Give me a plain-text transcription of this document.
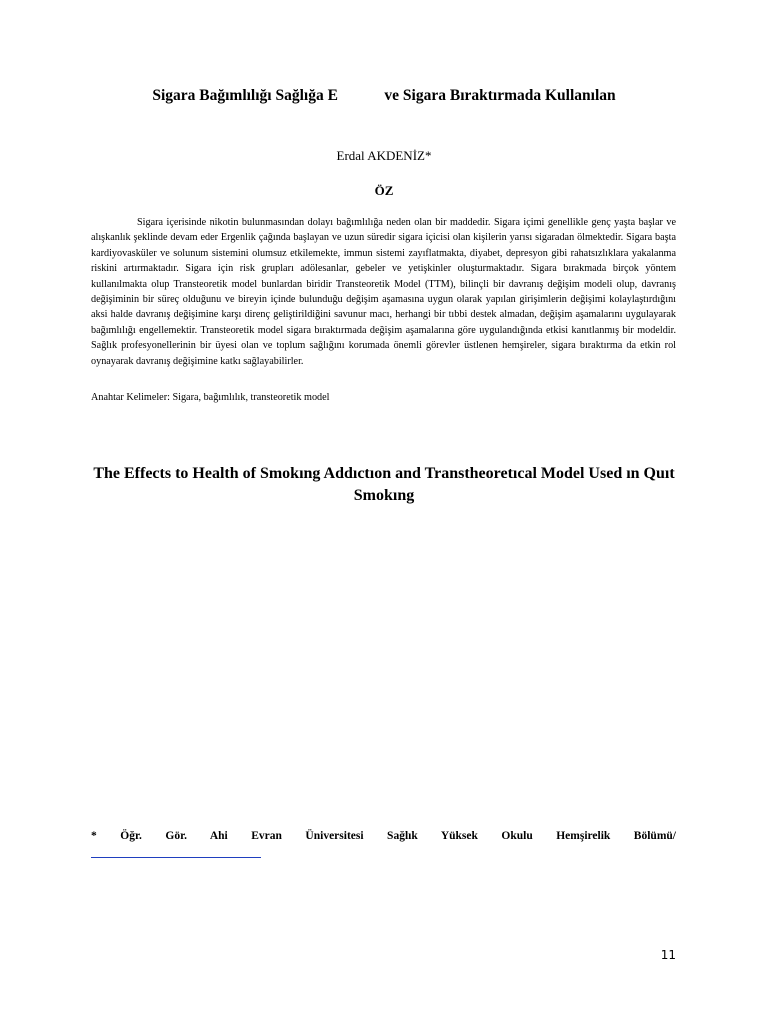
Sigara Bağımlılığı Sağlığa E            ve Sigara Bıraktırmada Kullanılan
Erdal AKDENİZ*
ÖZ

Sigara içerisinde nikotin bulunmasından dolayı bağımlılığa neden olan bir maddedir. Sigara içimi genellikle genç yaşta başlar ve alışkanlık şeklinde devam eder Ergenlik çağında başlayan ve uzun süredir sigara içicisi olan kişilerin yarısı sigaradan ölmektedir. Sigara başta kardiyovasküler ve solunum sistemini olumsuz etkilemekte, immun sistemi zayıflatmakta, diyabet, depresyon gibi rahatsızlıklara yakalanma riskini artırmaktadır. Sigara için risk grupları adölesanlar, gebeler ve yetişkinler oluşturmaktadır. Sigara bırakmada birçok yöntem kullanılmakta olup Transteoretik model bunlardan biridir Transteoretik Model (TTM), bilinçli bir davranış değişim modeli olup, davranış değişiminin bir süreç olduğunu ve bireyin içinde bulunduğu değişim aşamasına uygun olarak yapılan girişimlerin değişimi kolaylaştırdığını aksi halde davranış değişimine karşı direnç geliştirildiğini savunur macı, herhangi bir tıbbi destek almadan, değişim aşamalarını uygulayarak bağımlılığı engellemektir. Transteoretik model sigara bıraktırmada değişim aşamalarına göre uygulandığında etkisi kanıtlanmış bir modeldir. Sağlık profesyonellerinin bir üyesi olan ve toplum sağlığını korumada önemli görevler üstlenen hemşireler, sigara bıraktırma da etkin rol oynayarak davranış değişimine katkı sağlayabilirler.

Anahtar Kelimeler: Sigara, bağımlılık, transteoretik model

The Effects to Health of Smokıng Addıctıon and Transtheoretıcal Model Used ın Quıt Smokıng

* Öğr. Gör. Ahi Evran Üniversitesi Sağlık Yüksek Okulu Hemşirelik Bölümü/

11
